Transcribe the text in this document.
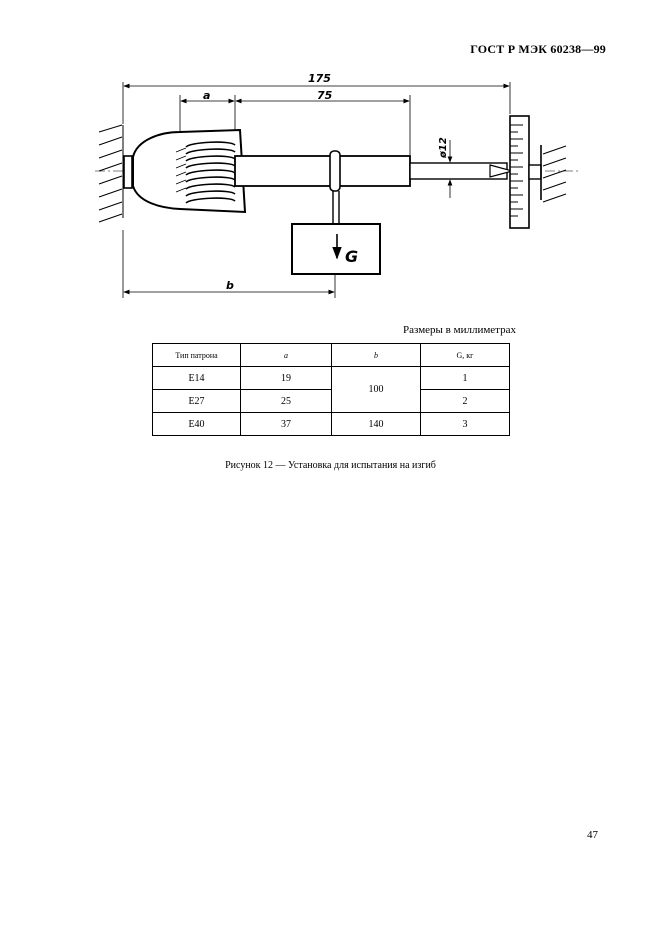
ГОСТ Р МЭК 60238—99
G
175
a	75
b
ø12
Размеры в миллиметрах
Тип патрона	a	b	G, кг
E14	19	100	1
E27	25		2
E40	37	140	3
Рисунок 12 — Установка для испытания на изгиб
47
